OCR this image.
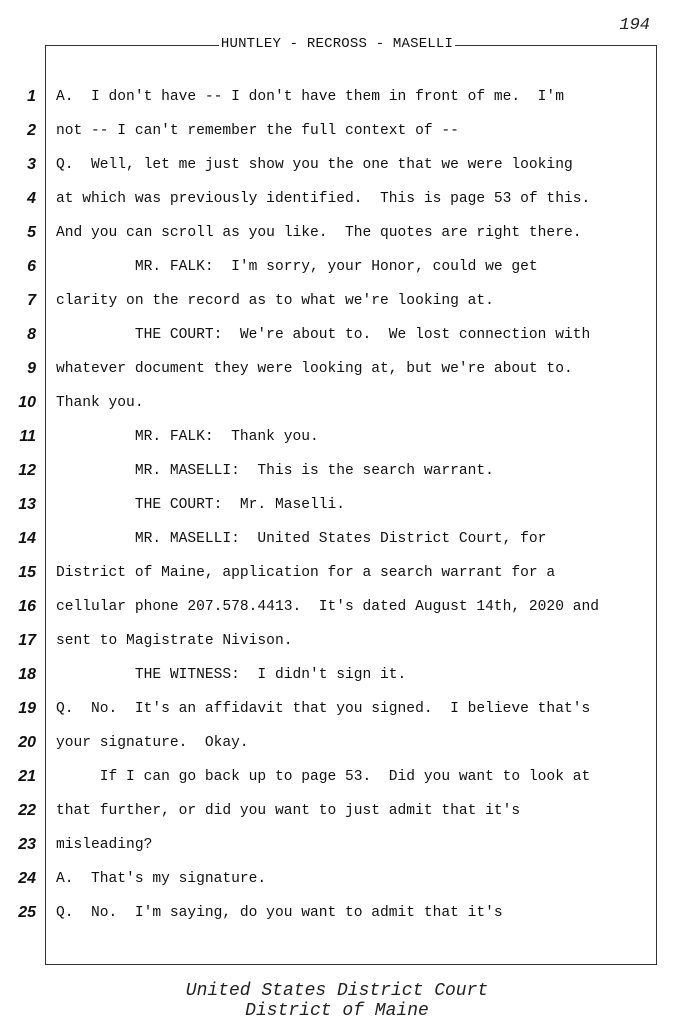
194
HUNTLEY - RECROSS - MASELLI
1
2
3
4
5
6
7
8
9
10
11
12
13
14
15
16
17
18
19
20
21
22
23
24
25
A.  I don't have -- I don't have them in front of me.  I'm
not -- I can't remember the full context of --
Q.  Well, let me just show you the one that we were looking
at which was previously identified.  This is page 53 of this.
And you can scroll as you like.  The quotes are right there.
MR. FALK:  I'm sorry, your Honor, could we get
clarity on the record as to what we're looking at.
THE COURT:  We're about to.  We lost connection with
whatever document they were looking at, but we're about to.
Thank you.
MR. FALK:  Thank you.
MR. MASELLI:  This is the search warrant.
THE COURT:  Mr. Maselli.
MR. MASELLI:  United States District Court, for
District of Maine, application for a search warrant for a
cellular phone 207.578.4413.  It's dated August 14th, 2020 and
sent to Magistrate Nivison.
THE WITNESS:  I didn't sign it.
Q.  No.  It's an affidavit that you signed.  I believe that's
your signature.  Okay.
If I can go back up to page 53.  Did you want to look at
that further, or did you want to just admit that it's
misleading?
A.  That's my signature.
Q.  No.  I'm saying, do you want to admit that it's
United States District Court
District of Maine
